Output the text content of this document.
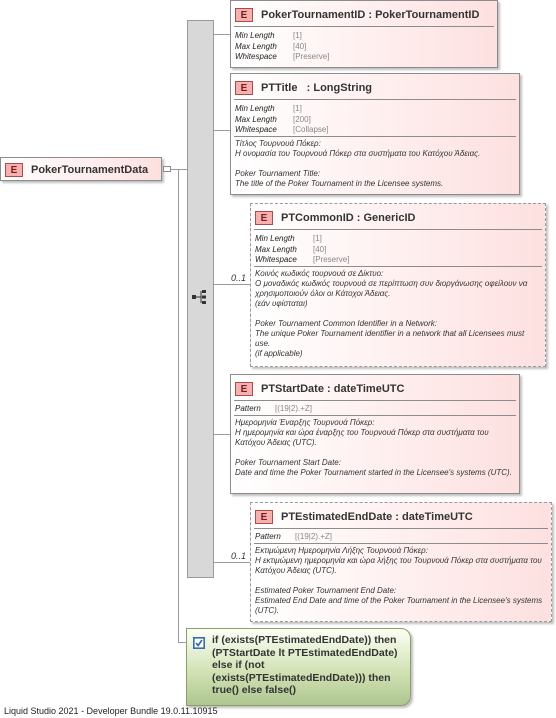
E	PokerTournamentData
0..1
0..1
E	PokerTournamentID : PokerTournamentID
Min Length	[1]
Max Length	[40]
Whitespace	[Preserve]
E	PTTitle   : LongString
Min Length	[1]
Max Length	[200]
Whitespace	[Collapse]

Τίτλος Τουρνουά Πόκερ:
Η ονομασία του Τουρνουά Πόκερ στα συστήματα του Κατόχου Άδειας.

Poker Tournament Title:
The title of the Poker Tournament in the Licensee systems.

E	PTCommonID : GenericID
Min Length	[1]
Max Length	[40]
Whitespace	[Preserve]

Κοινός κωδικός τουρνουά σε Δίκτυο:
Ο μοναδικός κωδικός τουρνουά σε περίπτωση συν διοργάνωσης οφείλουν να χρησιμοποιούν όλοι οι Κάτοχοι Άδειας.
(εάν υφίσταται)

Poker Tournament Common Identifier in a Network:
The unique Poker Tournament identifier in a network that all Licensees must use.
(if applicable)

E	PTStartDate : dateTimeUTC
Pattern	[(19|2).+Z]

Ημερομηνία Έναρξης Τουρνουά Πόκερ:
Η ημερομηνία και ώρα έναρξης του Τουρνουά Πόκερ στα συστήματα του Κατόχου Άδειας (UTC).

Poker Tournament Start Date:
Date and time the Poker Tournament started in the Licensee's systems (UTC).

E	PTEstimatedEndDate : dateTimeUTC
Pattern	[(19|2).+Z]

Εκτιμώμενη Ημερομηνία Λήξης Τουρνουά Πόκερ:
Η εκτιμώμενη ημερομηνία και ώρα λήξης του Τουρνουά Πόκερ στα συστήματα του Κατόχου Άδειας (UTC).

Estimated Poker Tournament End Date:
Estimated End Date and time of the Poker Tournament in the Licensee's systems (UTC).

if (exists(PTEstimatedEndDate)) then (PTStartDate lt PTEstimatedEndDate) else if (not (exists(PTEstimatedEndDate))) then true() else false()
Liquid Studio 2021 - Developer Bundle 19.0.11.10915
